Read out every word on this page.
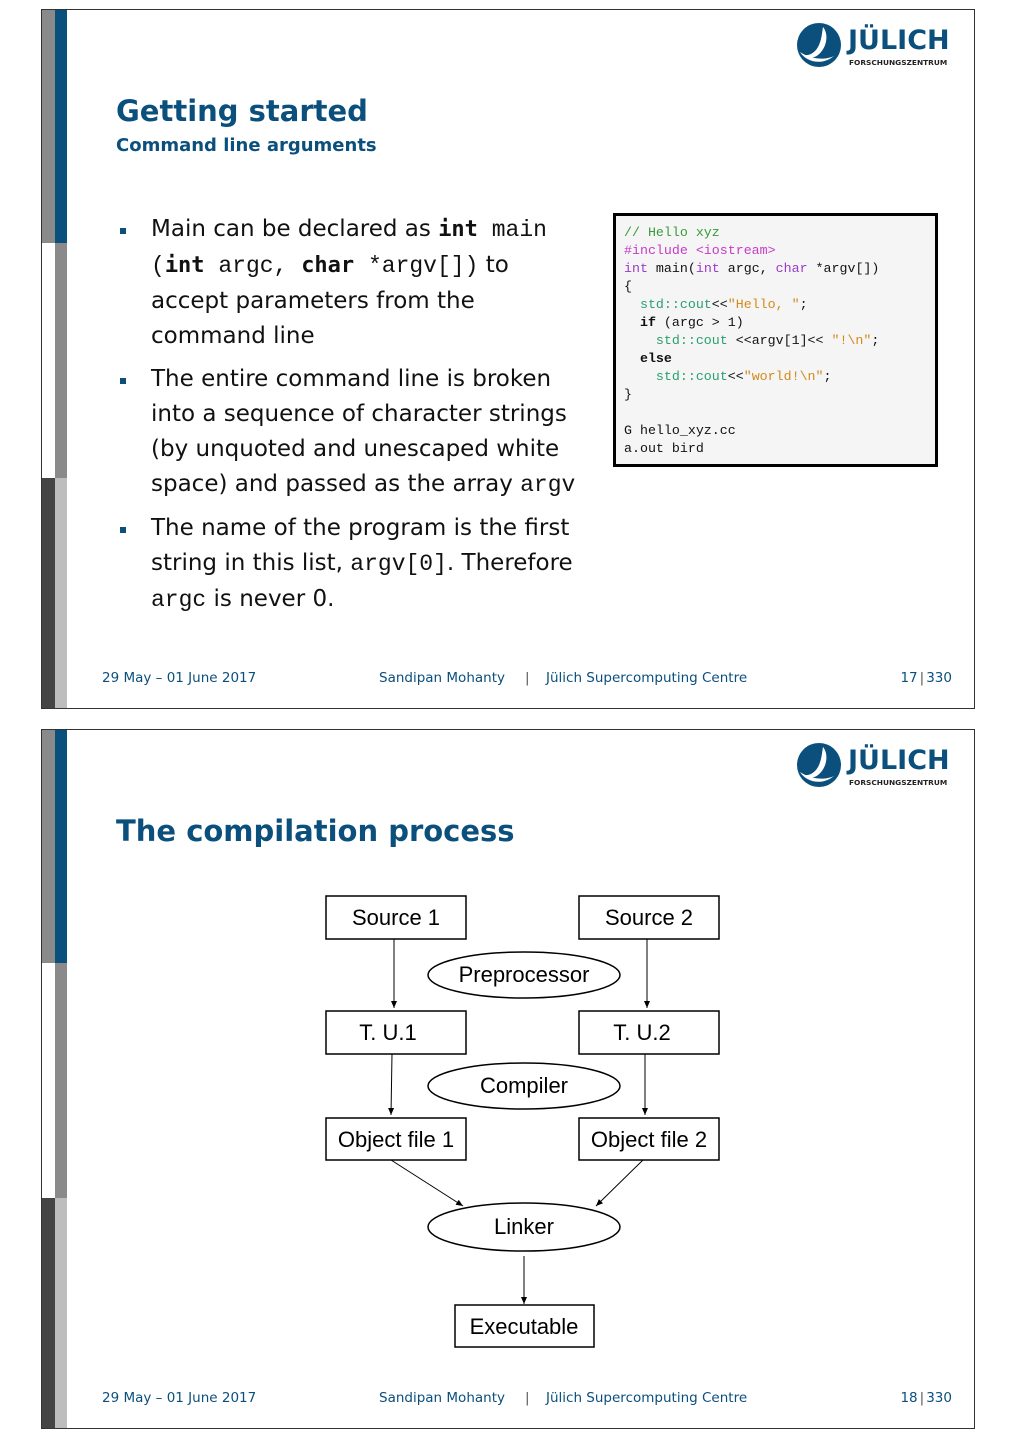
JÜLICH
FORSCHUNGSZENTRUM
Getting started
Command line arguments
Main can be declared as int main (int argc, char *argv[]) to accept parameters from the command line
The entire command line is broken into a sequence of character strings (by unquoted and unescaped white space) and passed as the array argv
The name of the program is the first string in this list, argv[0]. Therefore argc is never 0.
// Hello xyz
#include <iostream>
int main(int argc, char *argv[])
{
std::cout<<"Hello, ";
if (argc > 1)
std::cout <<argv[1]<< "!\n";
else
std::cout<<"world!\n";
}

G hello_xyz.cc
a.out bird
29 May – 01 June 2017	Sandipan Mohanty | Jülich Supercomputing Centre	17 | 330
JÜLICH
FORSCHUNGSZENTRUM
The compilation process
Source 1	Source 2
Preprocessor
T. U.1	T. U.2
Compiler
Object file 1	Object file 2
Linker
Executable
29 May – 01 June 2017	Sandipan Mohanty | Jülich Supercomputing Centre	18 | 330
